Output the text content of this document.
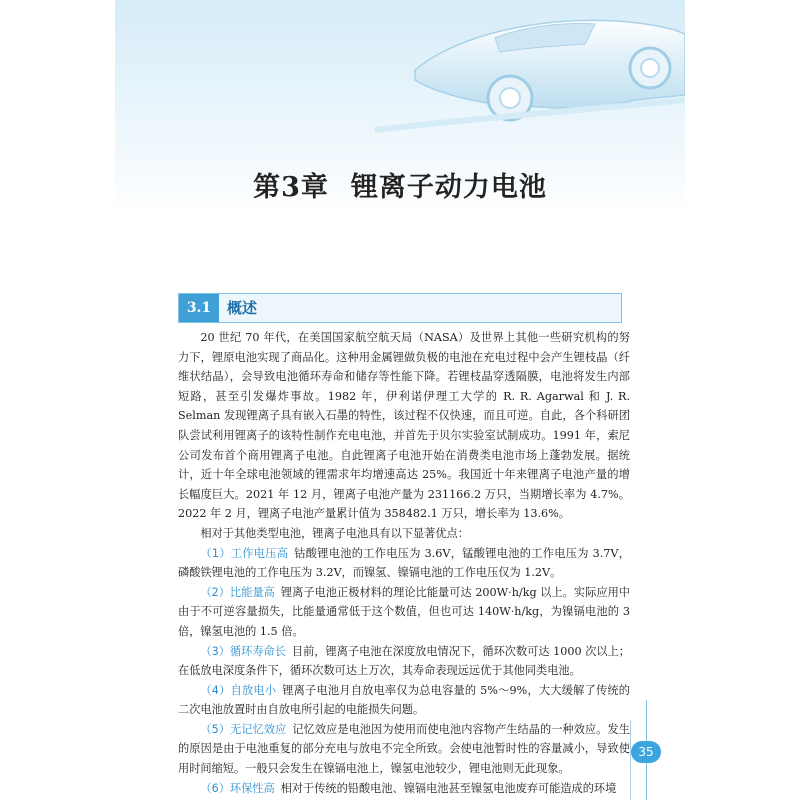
第3章 锂离子动力电池
3.1	概述

20 世纪 70 年代，在美国国家航空航天局（NASA）及世界上其他一些研究机构的努力下，锂原电池实现了商品化。这种用金属锂做负极的电池在充电过程中会产生锂枝晶（纤维状结晶），会导致电池循环寿命和储存等性能下降。若锂枝晶穿透隔膜，电池将发生内部短路，甚至引发爆炸事故。1982 年，伊利诺伊理工大学的 R. R. Agarwal 和 J. R. Selman 发现锂离子具有嵌入石墨的特性，该过程不仅快速，而且可逆。自此，各个科研团队尝试利用锂离子的该特性制作充电电池，并首先于贝尔实验室试制成功。1991 年，索尼公司发布首个商用锂离子电池。自此锂离子电池开始在消费类电池市场上蓬勃发展。据统计，近十年全球电池领域的锂需求年均增速高达 25%。我国近十年来锂离子电池产量的增长幅度巨大。2021 年 12 月，锂离子电池产量为 231166.2 万只，当期增长率为 4.7%。2022 年 2 月，锂离子电池产量累计值为 358482.1 万只，增长率为 13.6%。

相对于其他类型电池，锂离子电池具有以下显著优点：

（1）工作电压高 钴酸锂电池的工作电压为 3.6V，锰酸锂电池的工作电压为 3.7V，磷酸铁锂电池的工作电压为 3.2V，而镍氢、镍镉电池的工作电压仅为 1.2V。

（2）比能量高 锂离子电池正极材料的理论比能量可达 200W·h/kg 以上。实际应用中由于不可逆容量损失，比能量通常低于这个数值，但也可达 140W·h/kg，为镍镉电池的 3 倍，镍氢电池的 1.5 倍。

（3）循环寿命长 目前，锂离子电池在深度放电情况下，循环次数可达 1000 次以上；在低放电深度条件下，循环次数可达上万次，其寿命表现远远优于其他同类电池。

（4）自放电小 锂离子电池月自放电率仅为总电容量的 5%～9%，大大缓解了传统的二次电池放置时由自放电所引起的电能损失问题。

（5）无记忆效应 记忆效应是电池因为使用而使电池内容物产生结晶的一种效应。发生的原因是由于电池重复的部分充电与放电不完全所致。会使电池暂时性的容量减小，导致使用时间缩短。一般只会发生在镍镉电池上，镍氢电池较少，锂电池则无此现象。

（6）环保性高 相对于传统的铅酸电池、镍镉电池甚至镍氢电池废弃可能造成的环境

35
